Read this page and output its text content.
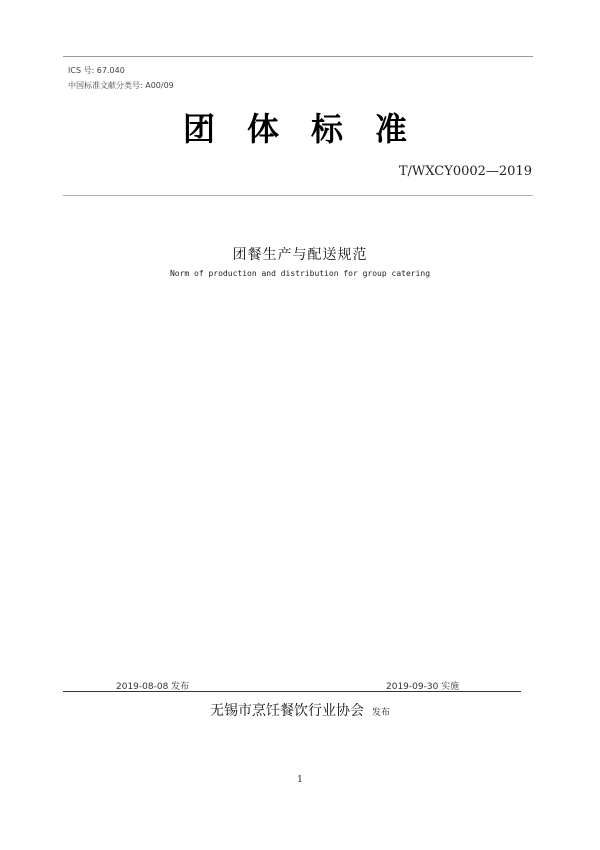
ICS 号: 67.040
中国标准文献分类号: A00/09
团体标准
T/WXCY0002—2019
团餐生产与配送规范
Norm of production and distribution for group catering
2019-08-08 发布	2019-09-30 实施
无锡市烹饪餐饮行业协会 发布
1
